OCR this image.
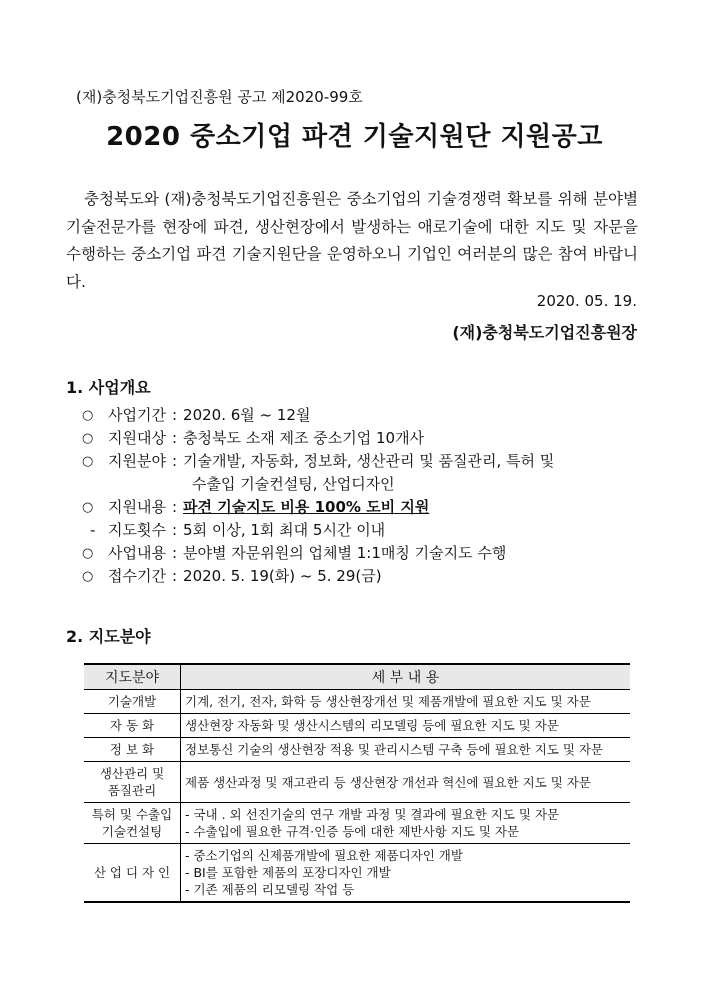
(재)충청북도기업진흥원 공고 제2020-99호
2020 중소기업 파견 기술지원단 지원공고
충청북도와 (재)충청북도기업진흥원은 중소기업의 기술경쟁력 확보를 위해 분야별 기술전문가를 현장에 파견, 생산현장에서 발생하는 애로기술에 대한 지도 및 자문을 수행하는 중소기업 파견 기술지원단을 운영하오니 기업인 여러분의 많은 참여 바랍니다.
2020. 05. 19.
(재)충청북도기업진흥원장
1. 사업개요
○ 사업기간 : 2020. 6월 ~ 12월
○ 지원대상 : 충청북도 소재 제조 중소기업 10개사
○ 지원분야 : 기술개발, 자동화, 정보화, 생산관리 및 품질관리, 특허 및
수출입 기술컨설팅, 산업디자인
○ 지원내용 : 파견 기술지도 비용 100% 도비 지원
- 지도횟수 : 5회 이상, 1회 최대 5시간 이내
○ 사업내용 : 분야별 자문위원의 업체별 1:1매칭 기술지도 수행
○ 접수기간 : 2020. 5. 19(화) ~ 5. 29(금)
2. 지도분야
지도분야	세 부 내 용
기술개발	기계, 전기, 전자, 화학 등 생산현장개선 및 제품개발에 필요한 지도 및 자문

자 동 화	생산현장 자동화 및 생산시스템의 리모델링 등에 필요한 지도 및 자문

정 보 화	정보통신 기술의 생산현장 적용 및 관리시스템 구축 등에 필요한 지도 및 자문

생산관리 및
품질관리	제품 생산과정 및 재고관리 등 생산현장 개선과 혁신에 필요한 지도 및 자문

특허 및 수출입
기술컨설팅	- 국내 . 외 선진기술의 연구 개발 과정 및 결과에 필요한 지도 및 자문
- 수출입에 필요한 규격·인증 등에 대한 제반사항 지도 및 자문

산 업 디 자 인	- 중소기업의 신제품개발에 필요한 제품디자인 개발
- BI를 포함한 제품의 포장디자인 개발
- 기존 제품의 리모델링 작업 등
